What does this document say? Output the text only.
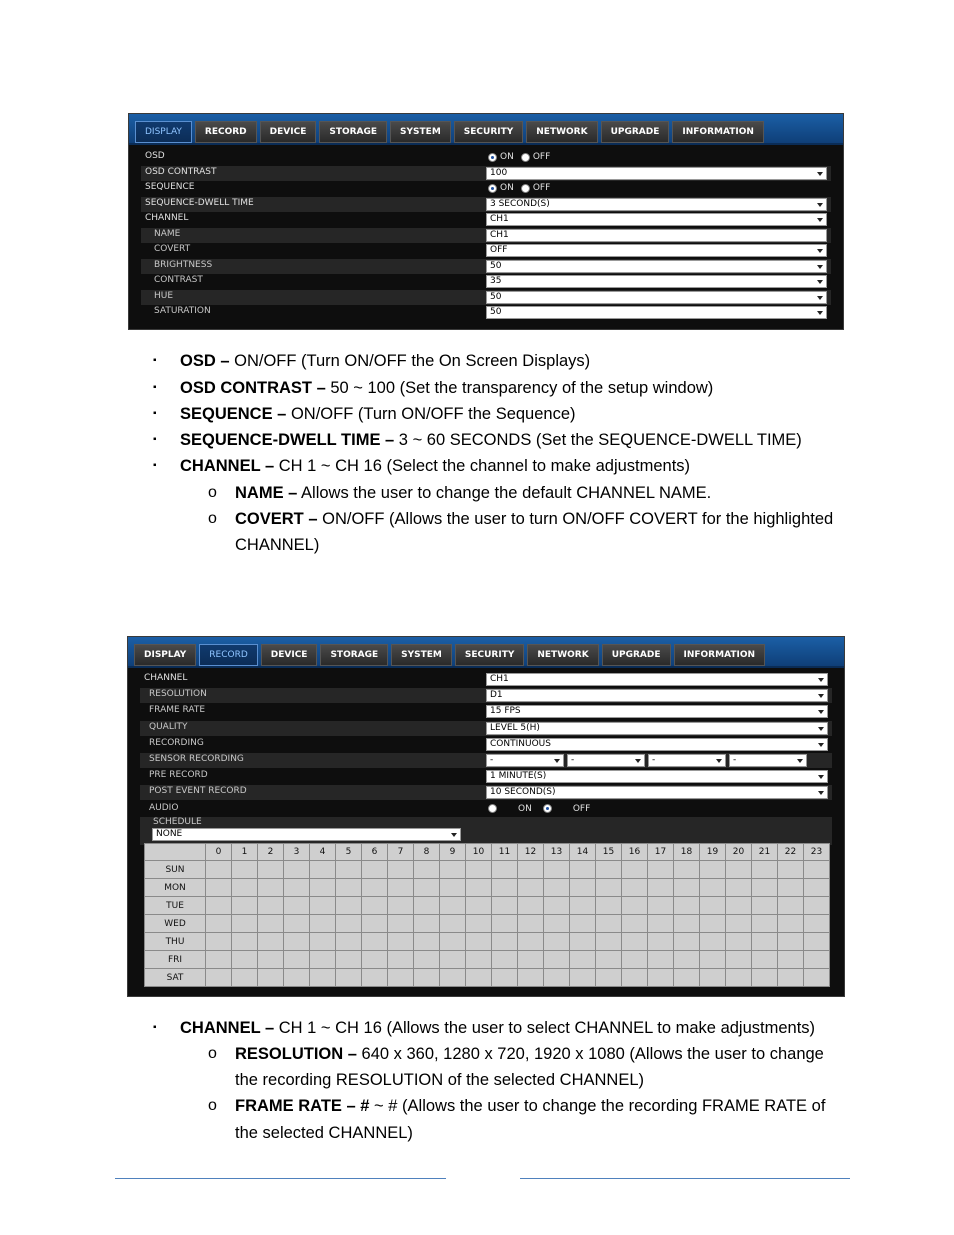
DISPLAY	RECORD	DEVICE	STORAGE	SYSTEM	SECURITY	NETWORK	UPGRADE	INFORMATION
OSD	ON OFF
OSD CONTRAST	100
SEQUENCE	ON OFF
SEQUENCE-DWELL TIME	3 SECOND(S)
CHANNEL	CH1
NAME	CH1
COVERT	OFF
BRIGHTNESS	50
CONTRAST	35
HUE	50
SATURATION	50
DISPLAY	RECORD	DEVICE	STORAGE	SYSTEM	SECURITY	NETWORK	UPGRADE	INFORMATION
CHANNEL	CH1
RESOLUTION	D1
FRAME RATE	15 FPS
QUALITY	LEVEL 5(H)
RECORDING	CONTINUOUS
SENSOR RECORDING	-	-	-	-
PRE RECORD	1 MINUTE(S)
POST EVENT RECORD	10 SECOND(S)
AUDIO	ON	OFF
SCHEDULE
NONE
	0	1	2	3	4	5	6	7	8	9	10	11	12	13	14	15	16	17	18	19	20	21	22	23
SUN																								
MON																								
TUE																								
WED																								
THU																								
FRI																								
SAT																								
▪ OSD – ON/OFF (Turn ON/OFF the On Screen Displays)
▪ OSD CONTRAST – 50 ~ 100 (Set the transparency of the setup window)
▪ SEQUENCE – ON/OFF (Turn ON/OFF the Sequence)
▪ SEQUENCE-DWELL TIME – 3 ~ 60 SECONDS (Set the SEQUENCE-DWELL TIME)
▪ CHANNEL – CH 1 ~ CH 16 (Select the channel to make adjustments)
o NAME – Allows the user to change the default CHANNEL NAME.
o COVERT – ON/OFF (Allows the user to turn ON/OFF COVERT for the highlighted
CHANNEL)
▪ CHANNEL – CH 1 ~ CH 16 (Allows the user to select CHANNEL to make adjustments)
o RESOLUTION – 640 x 360, 1280 x 720, 1920 x 1080 (Allows the user to change
the recording RESOLUTION of the selected CHANNEL)
o FRAME RATE – # ~ # (Allows the user to change the recording FRAME RATE of
the selected CHANNEL)
